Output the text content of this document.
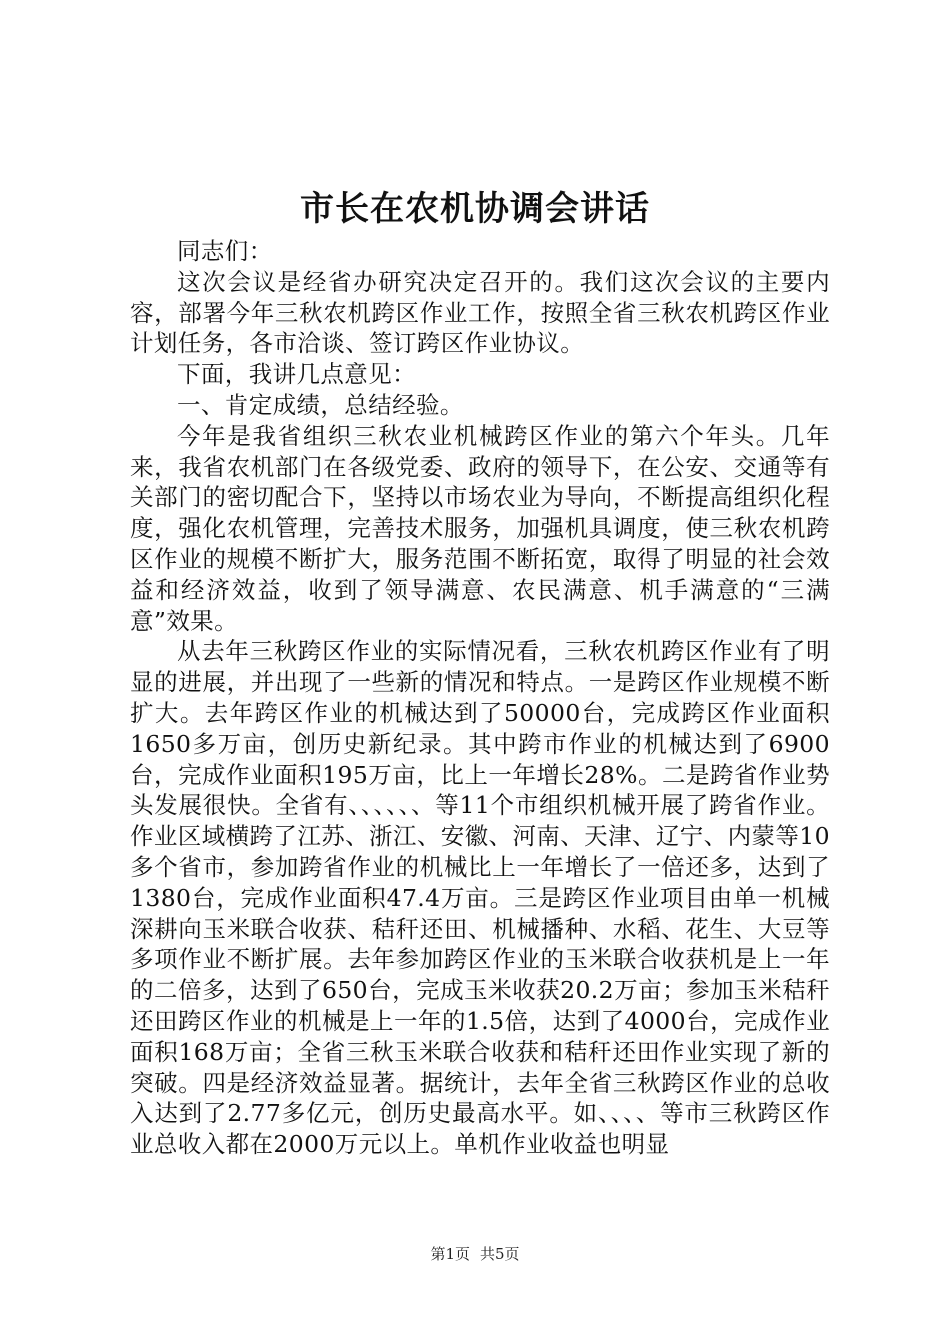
市长在农机协调会讲话

同志们：

这次会议是经省办研究决定召开的。我们这次会议的主要内容，部署今年三秋农机跨区作业工作，按照全省三秋农机跨区作业计划任务，各市洽谈、签订跨区作业协议。

下面，我讲几点意见：

一、肯定成绩，总结经验。

今年是我省组织三秋农业机械跨区作业的第六个年头。几年来，我省农机部门在各级党委、政府的领导下，在公安、交通等有关部门的密切配合下，坚持以市场农业为导向，不断提高组织化程度，强化农机管理，完善技术服务，加强机具调度，使三秋农机跨区作业的规模不断扩大，服务范围不断拓宽，取得了明显的社会效益和经济效益，收到了领导满意、农民满意、机手满意的“三满意”效果。

从去年三秋跨区作业的实际情况看，三秋农机跨区作业有了明显的进展，并出现了一些新的情况和特点。一是跨区作业规模不断扩大。去年跨区作业的机械达到了50000台，完成跨区作业面积1650多万亩，创历史新纪录。其中跨市作业的机械达到了6900台，完成作业面积195万亩，比上一年增长28%。二是跨省作业势头发展很快。全省有、、、、、、等11个市组织机械开展了跨省作业。作业区域横跨了江苏、浙江、安徽、河南、天津、辽宁、内蒙等10多个省市，参加跨省作业的机械比上一年增长了一倍还多，达到了1380台，完成作业面积47.4万亩。三是跨区作业项目由单一机械深耕向玉米联合收获、秸秆还田、机械播种、水稻、花生、大豆等多项作业不断扩展。去年参加跨区作业的玉米联合收获机是上一年的二倍多，达到了650台，完成玉米收获20.2万亩；参加玉米秸秆还田跨区作业的机械是上一年的1.5倍，达到了4000台，完成作业面积168万亩；全省三秋玉米联合收获和秸秆还田作业实现了新的突破。四是经济效益显著。据统计，去年全省三秋跨区作业的总收入达到了2.77多亿元，创历史最高水平。如、、、、等市三秋跨区作业总收入都在2000万元以上。单机作业收益也明显

第1页 共5页
